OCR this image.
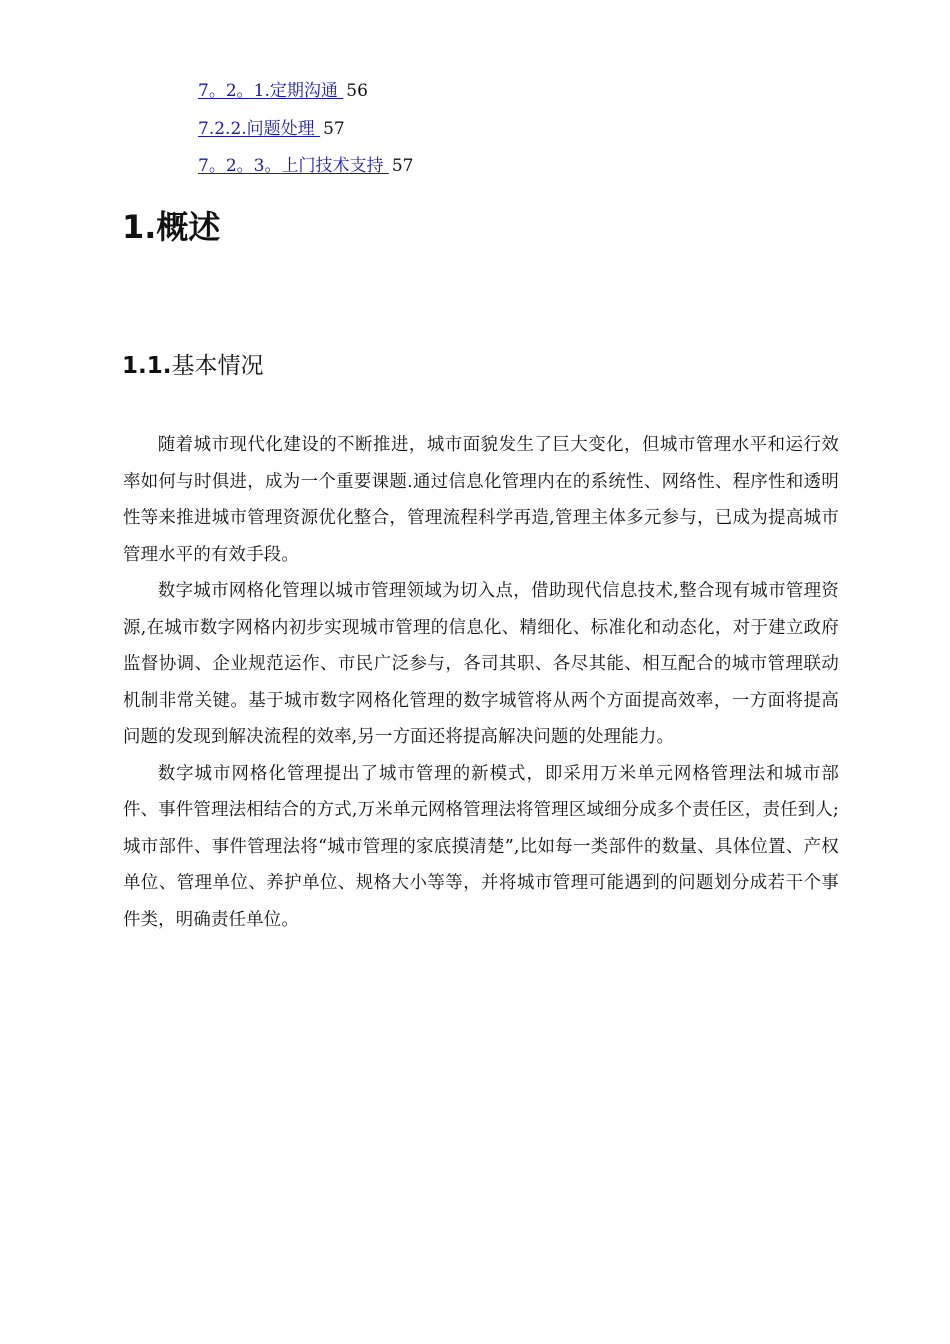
7。2。1.定期沟通 56
7.2.2.问题处理 57
7。2。3。上门技术支持 57
1.概述
1.1.基本情况

随着城市现代化建设的不断推进，城市面貌发生了巨大变化，但城市管理水平和运行效率如何与时俱进，成为一个重要课题.通过信息化管理内在的系统性、网络性、程序性和透明性等来推进城市管理资源优化整合，管理流程科学再造,管理主体多元参与，已成为提高城市管理水平的有效手段。

数字城市网格化管理以城市管理领域为切入点，借助现代信息技术,整合现有城市管理资源,在城市数字网格内初步实现城市管理的信息化、精细化、标准化和动态化，对于建立政府监督协调、企业规范运作、市民广泛参与，各司其职、各尽其能、相互配合的城市管理联动机制非常关键。基于城市数字网格化管理的数字城管将从两个方面提高效率，一方面将提高问题的发现到解决流程的效率,另一方面还将提高解决问题的处理能力。

数字城市网格化管理提出了城市管理的新模式，即采用万米单元网格管理法和城市部件、事件管理法相结合的方式,万米单元网格管理法将管理区域细分成多个责任区，责任到人;城市部件、事件管理法将“城市管理的家底摸清楚”,比如每一类部件的数量、具体位置、产权单位、管理单位、养护单位、规格大小等等，并将城市管理可能遇到的问题划分成若干个事件类，明确责任单位。
